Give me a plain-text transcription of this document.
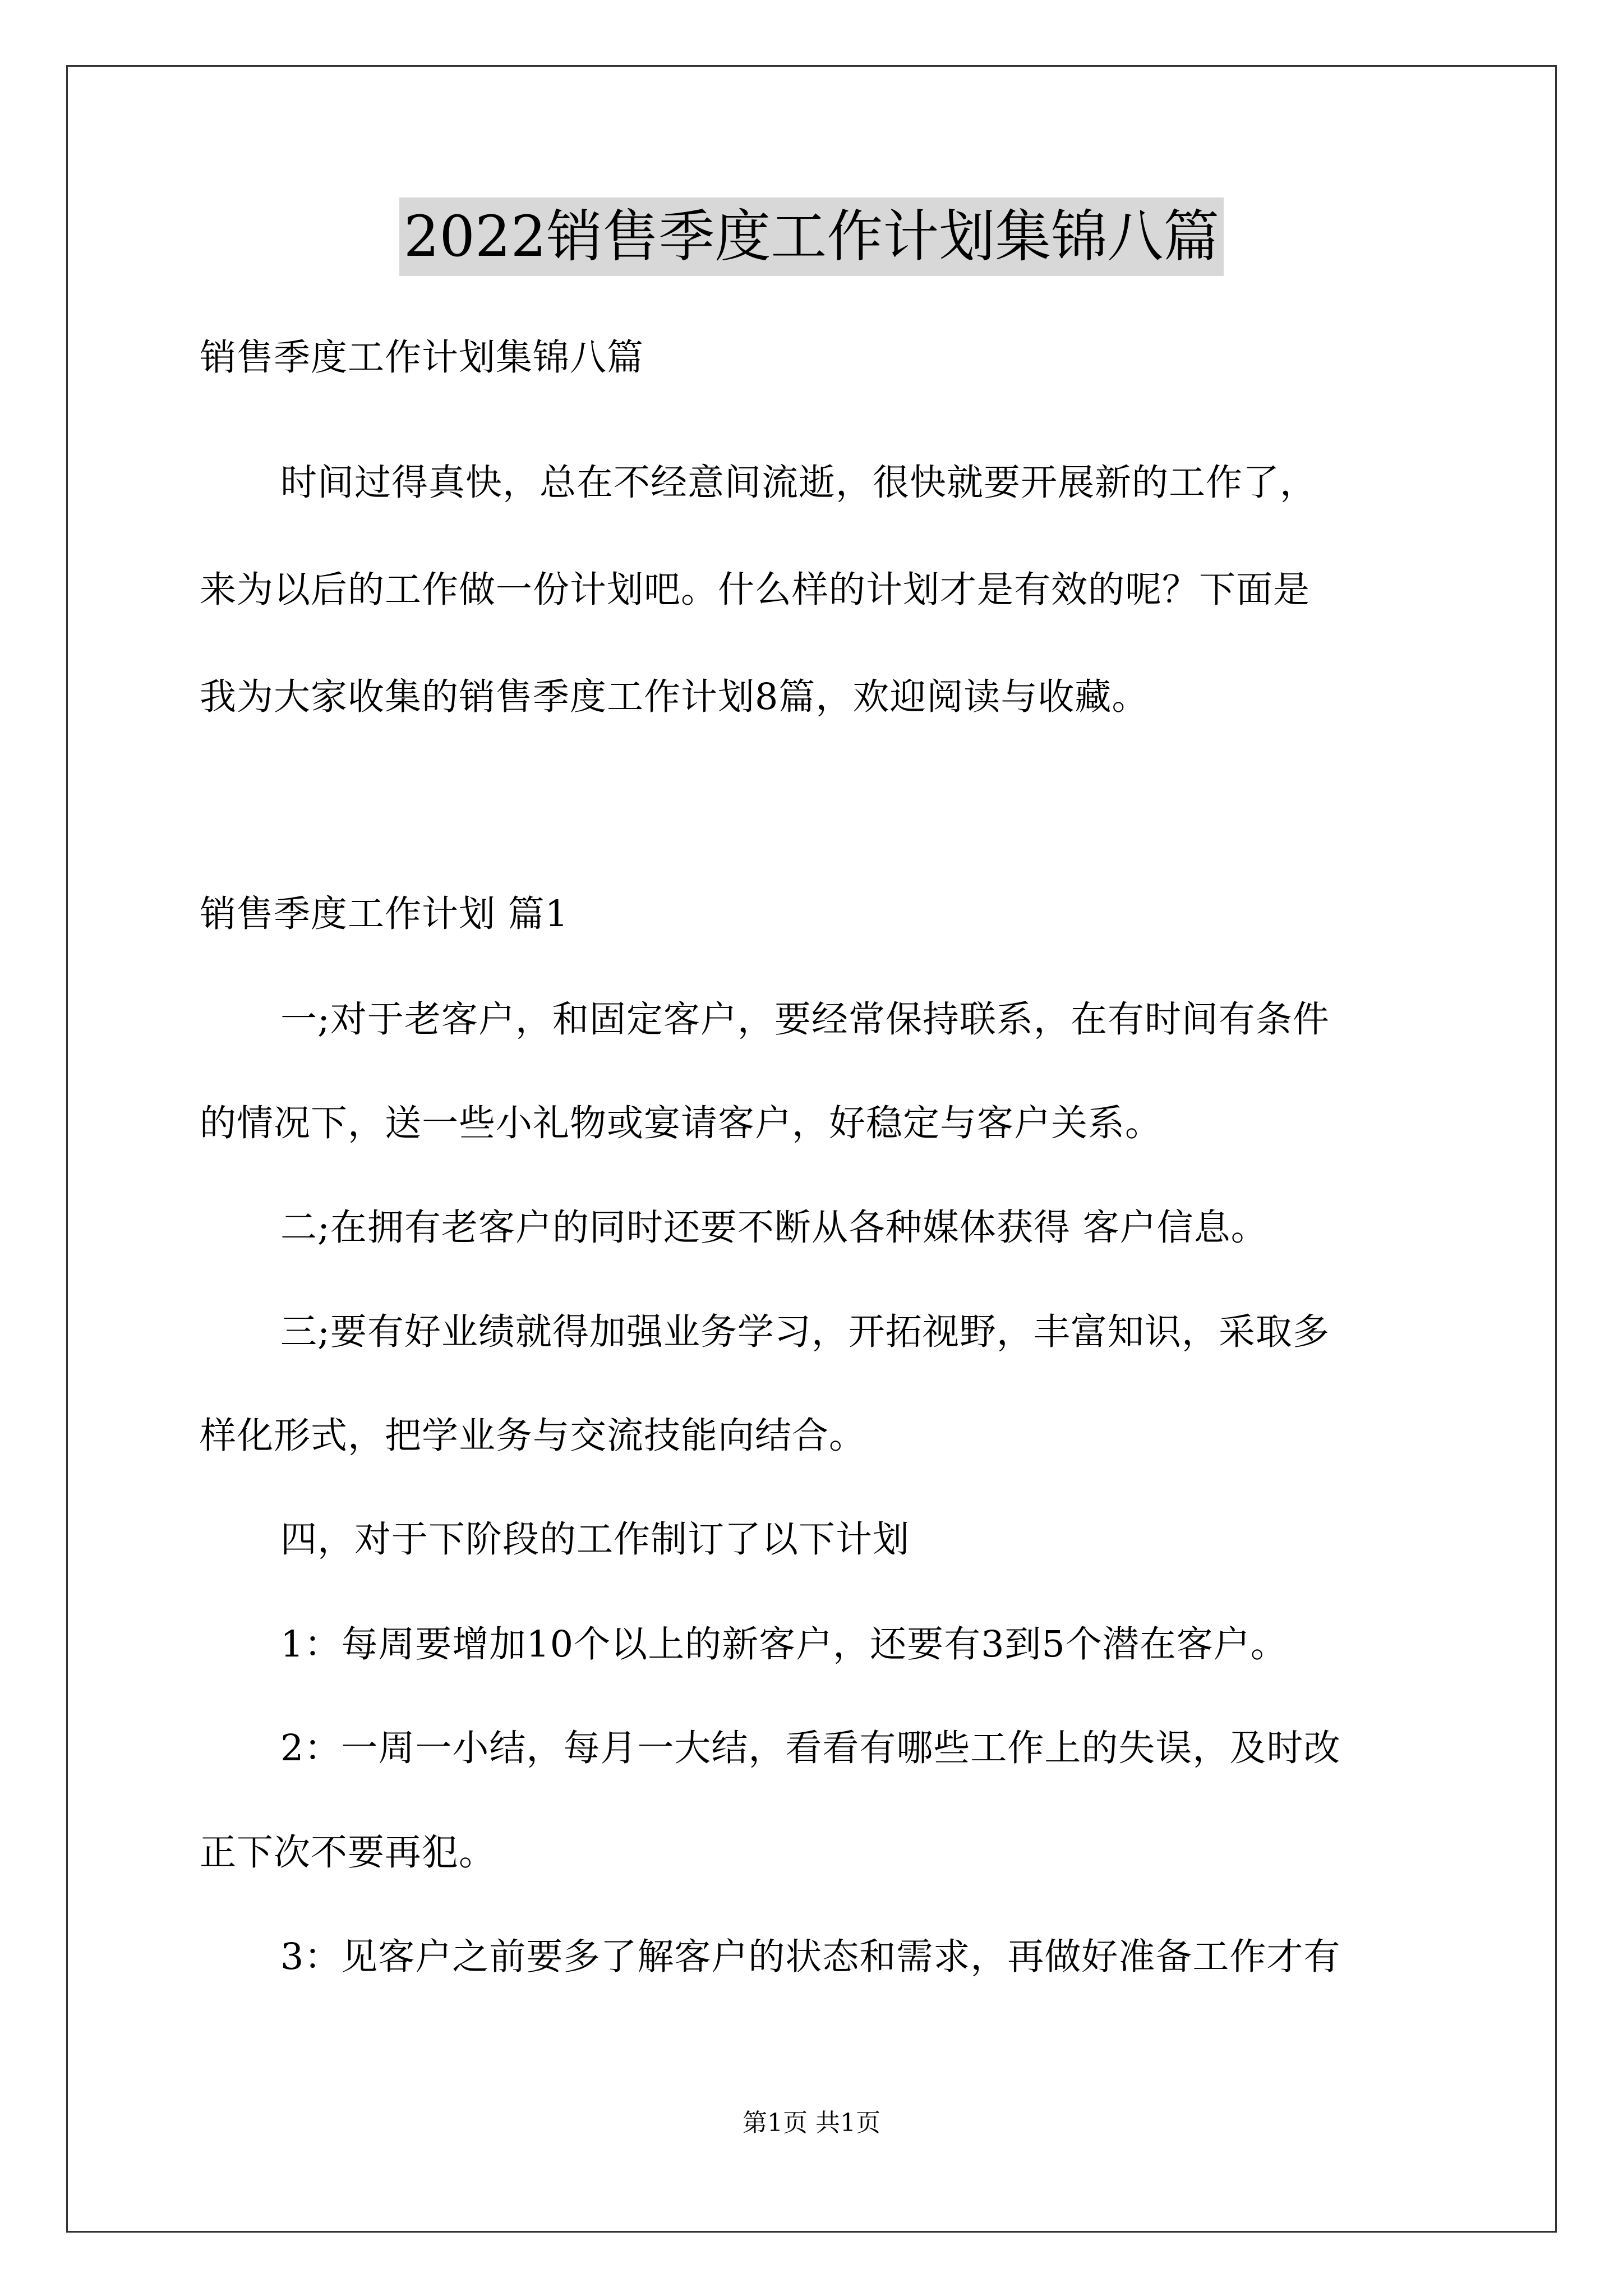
2022销售季度工作计划集锦八篇
销售季度工作计划集锦八篇
时间过得真快，总在不经意间流逝，很快就要开展新的工作了，
来为以后的工作做一份计划吧。什么样的计划才是有效的呢？下面是
我为大家收集的销售季度工作计划8篇，欢迎阅读与收藏。
销售季度工作计划 篇1
一;对于老客户，和固定客户，要经常保持联系，在有时间有条件
的情况下，送一些小礼物或宴请客户，好稳定与客户关系。
二;在拥有老客户的同时还要不断从各种媒体获得 客户信息。
三;要有好业绩就得加强业务学习，开拓视野，丰富知识，采取多
样化形式，把学业务与交流技能向结合。
四，对于下阶段的工作制订了以下计划
1：每周要增加10个以上的新客户，还要有3到5个潜在客户。
2：一周一小结，每月一大结，看看有哪些工作上的失误，及时改
正下次不要再犯。
3：见客户之前要多了解客户的状态和需求，再做好准备工作才有
第1页 共1页
